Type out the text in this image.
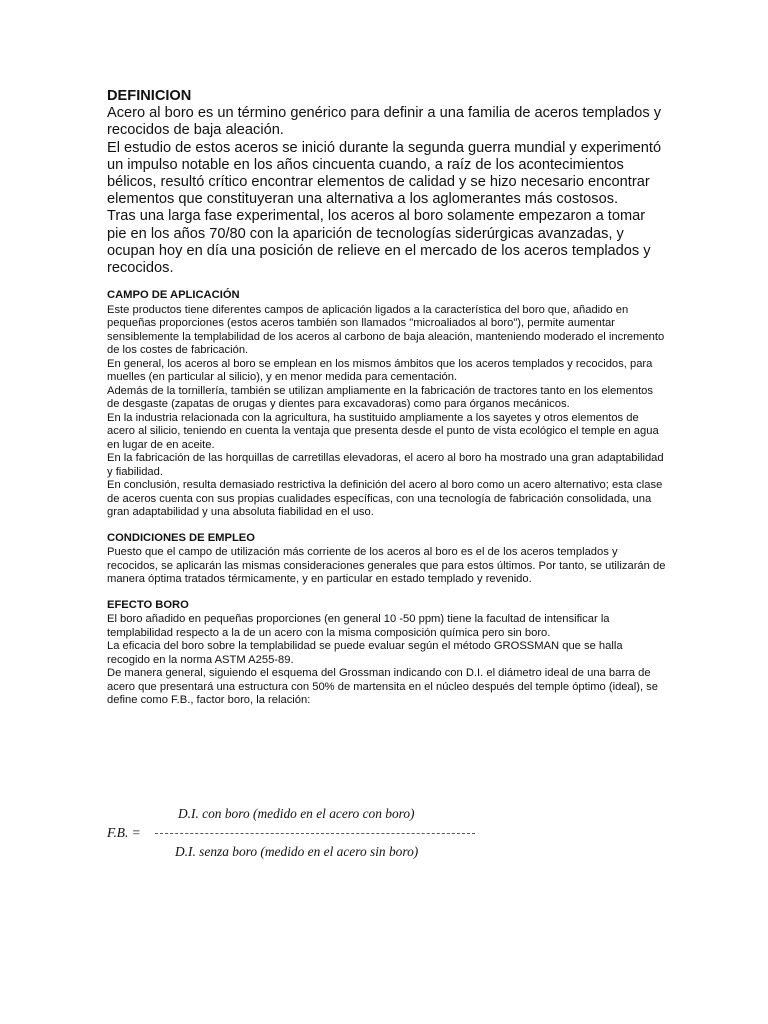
DEFINICION

Acero al boro es un término genérico para definir a una familia de aceros templados y recocidos de baja aleación.

El estudio de estos aceros se inició durante la segunda guerra mundial y experimentó un impulso notable en los años cincuenta cuando, a raíz de los acontecimientos bélicos, resultó crítico encontrar elementos de calidad y se hizo necesario encontrar elementos que constituyeran una alternativa a los aglomerantes más costosos.

Tras una larga fase experimental, los aceros al boro solamente empezaron a tomar pie en los años 70/80 con la aparición de tecnologías siderúrgicas avanzadas, y ocupan hoy en día una posición de relieve en el mercado de los aceros templados y recocidos.

CAMPO DE APLICACIÓN

Este productos tiene diferentes campos de aplicación ligados a la característica del boro que, añadido en pequeñas proporciones (estos aceros también son llamados "microaliados al boro"), permite aumentar sensiblemente la templabilidad de los aceros al carbono de baja aleación, manteniendo moderado el incremento de los costes de fabricación.

En general, los aceros al boro se emplean en los mismos ámbitos que los aceros templados y recocidos, para muelles (en particular al silicio), y en menor medida para cementación.

Además de la tornillería, también se utilizan ampliamente en la fabricación de tractores tanto en los elementos de desgaste (zapatas de orugas y dientes para excavadoras) como para órganos mecánicos.

En la industria relacionada con la agricultura, ha sustituido ampliamente a los sayetes y otros elementos de acero al silicio, teniendo en cuenta la ventaja que presenta desde el punto de vista ecológico el temple en agua en lugar de en aceite.

En la fabricación de las horquillas de carretillas elevadoras, el acero al boro ha mostrado una gran adaptabilidad y fiabilidad.

En conclusión, resulta demasiado restrictiva la definición del acero al boro como un acero alternativo; esta clase de aceros cuenta con sus propias cualidades específicas, con una tecnología de fabricación consolidada, una gran adaptabilidad y una absoluta fiabilidad en el uso.

CONDICIONES DE EMPLEO

Puesto que el campo de utilización más corriente de los aceros al boro es el de los aceros templados y recocidos, se aplicarán las mismas consideraciones generales que para estos últimos. Por tanto, se utilizarán de manera óptima tratados térmicamente, y en particular en estado templado y revenido.

EFECTO BORO

El boro añadido en pequeñas proporciones (en general 10 -50 ppm) tiene la facultad de intensificar la templabilidad respecto a la de un acero con la misma composición química pero sin boro.

La eficacia del boro sobre la templabilidad se puede evaluar según el método GROSSMAN que se halla recogido en la norma ASTM A255-89.

De manera general, siguiendo el esquema del Grossman indicando con D.I. el diámetro ideal de una barra de acero que presentará una estructura con 50% de martensita en el núcleo después del temple óptimo (ideal), se define como F.B., factor boro, la relación:

D.I. con boro (medido en el acero con boro)
F.B. =
D.I. senza boro (medido en el acero sin boro)
